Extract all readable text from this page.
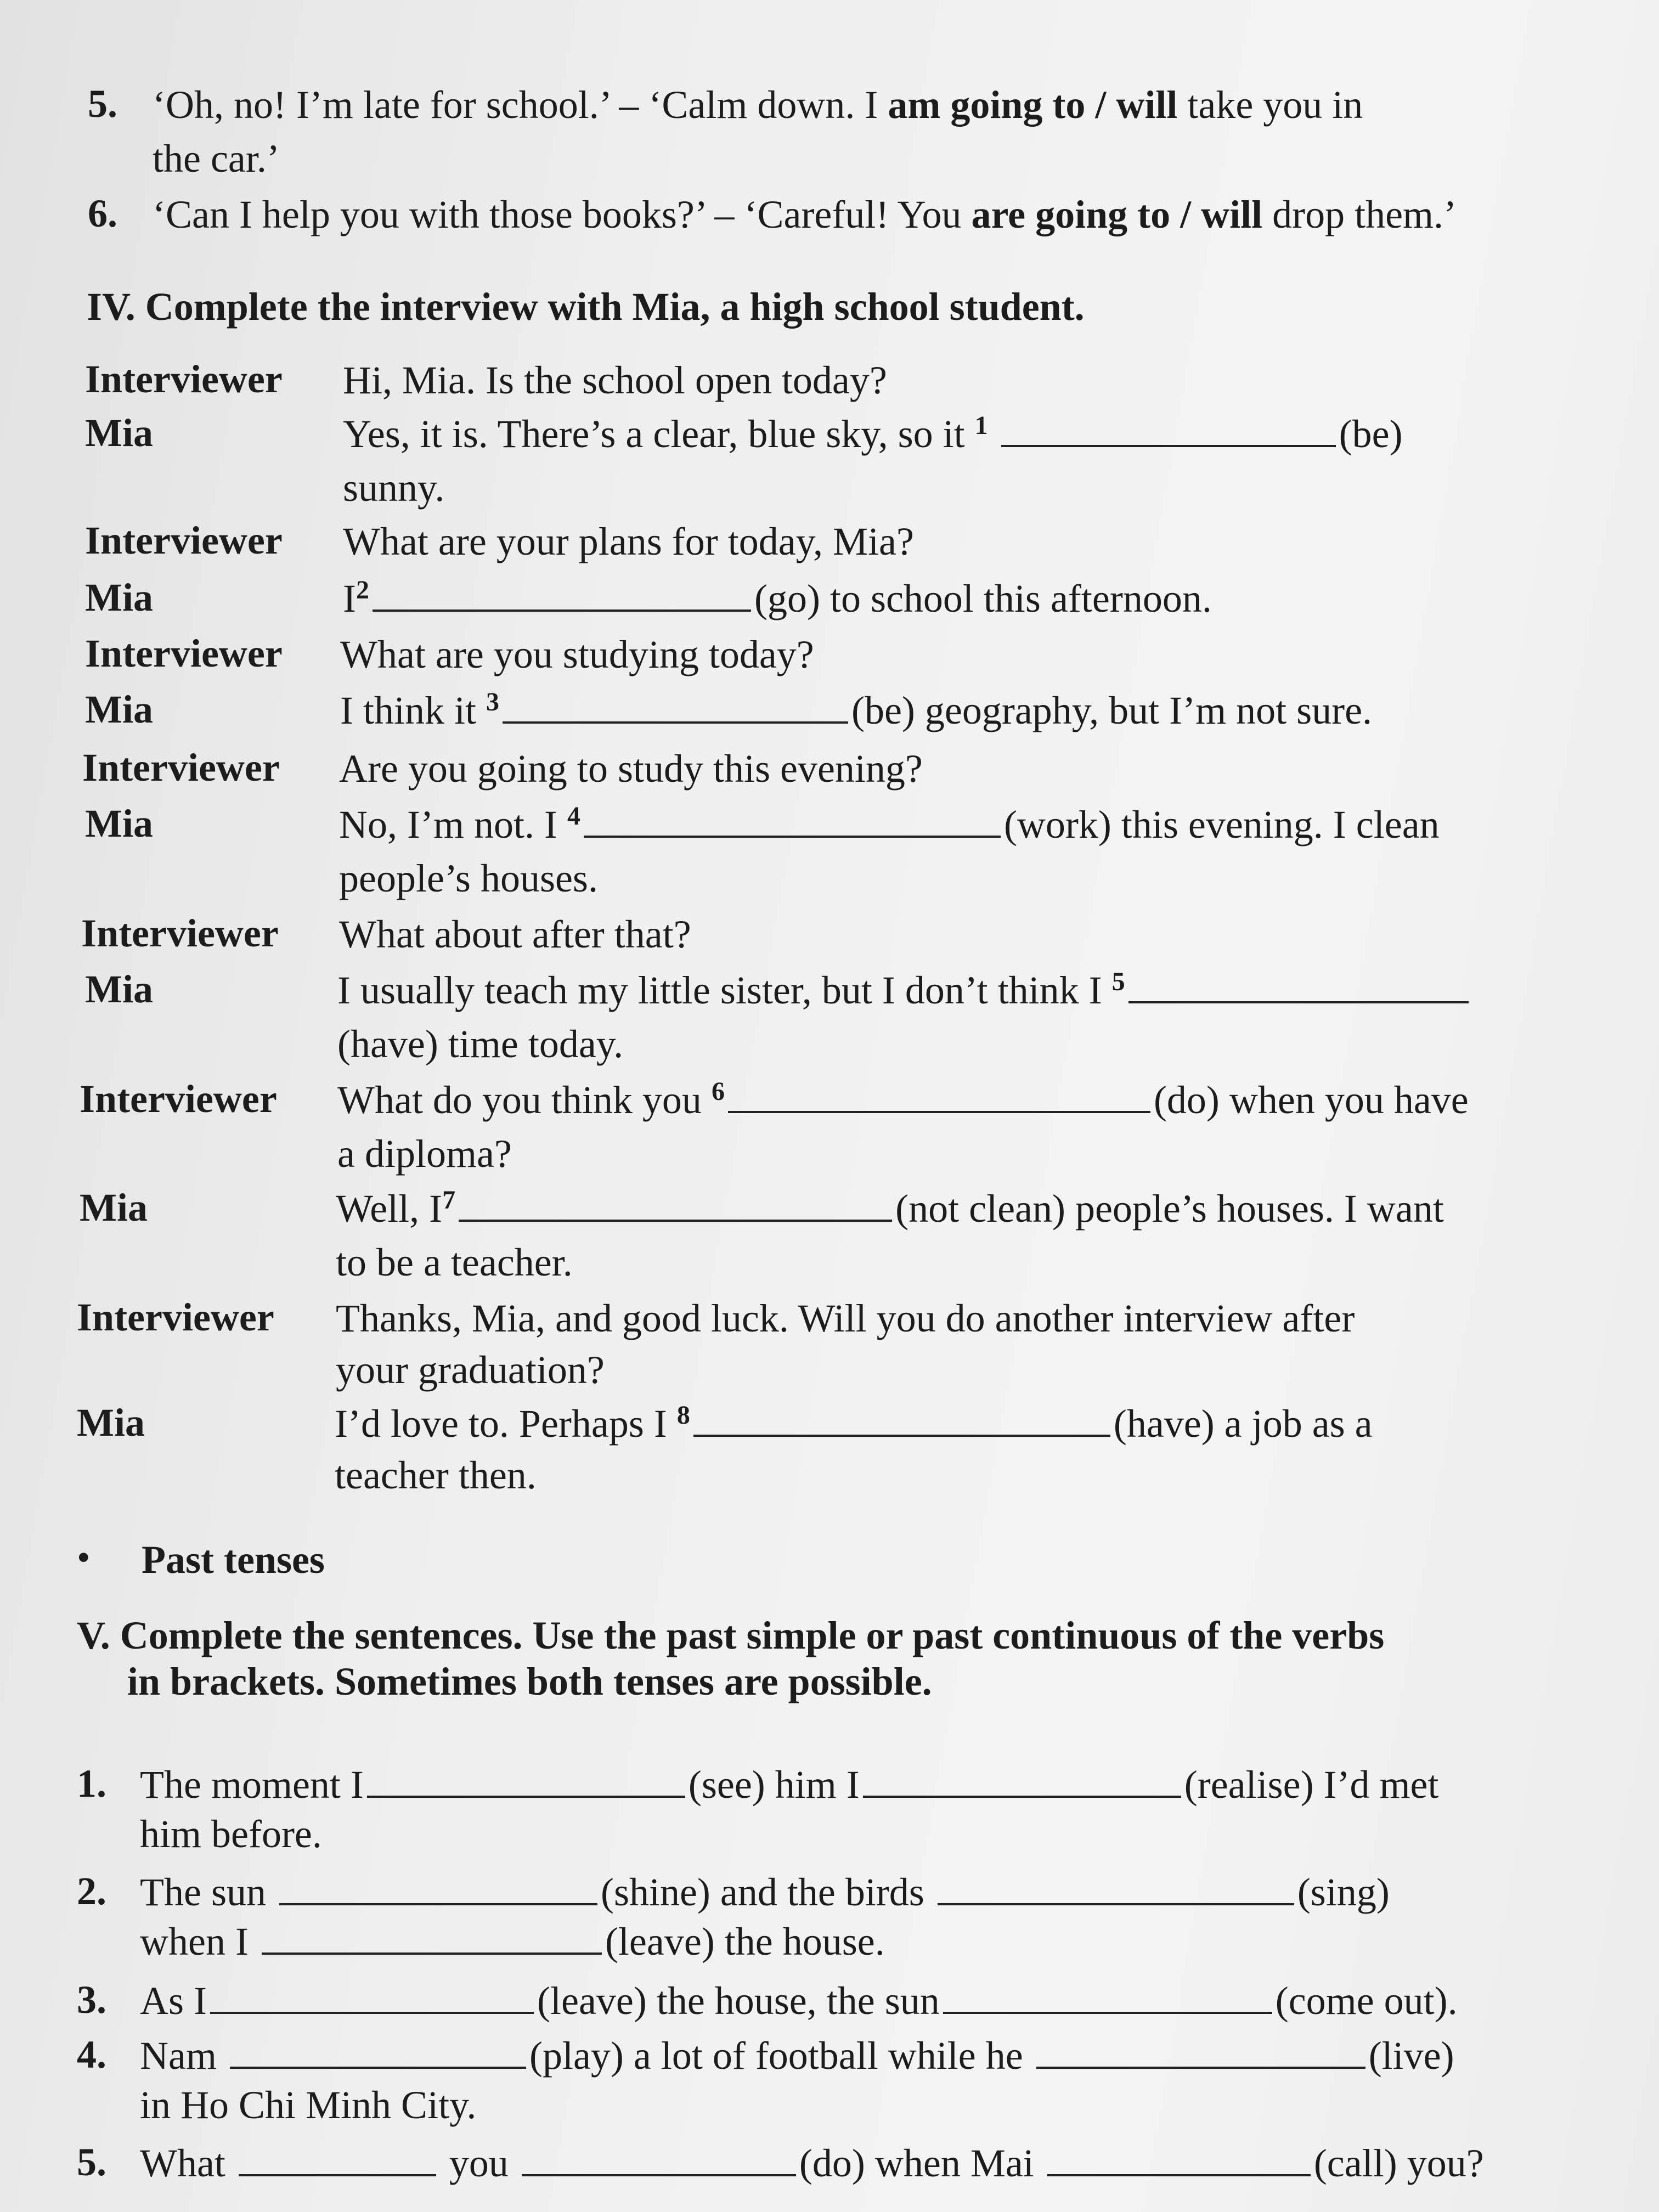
5. ‘Oh, no! I’m late for school.’ – ‘Calm down. I am going to / will take you in
the car.’
6. ‘Can I help you with those books?’ – ‘Careful! You are going to / will drop them.’
IV. Complete the interview with Mia, a high school student.
Interviewer Hi, Mia. Is the school open today?
Mia	Yes, it is. There’s a clear, blue sky, so it $^1$	(be)
sunny.
Interviewer What are your plans for today, Mia?
Mia	$I^2$	(go) to school this afternoon.
Interviewer What are you studying today?
Mia	I think it $^3$	(be) geography, but I’m not sure.
Interviewer Are you going to study this evening?
Mia	No, I’m not. I $^4$	(work) this evening. I clean
people’s houses.
Interviewer What about after that?
Mia	I usually teach my little sister, but I don’t think I $^5$
(have) time today.
Interviewer What do you think you $^6$	(do) when you have
a diploma?
Mia	Well, $I^7$	(not clean) people’s houses. I want
to be a teacher.
Interviewer Thanks, Mia, and good luck. Will you do another interview after
your graduation?
Mia	I’d love to. Perhaps I $^8$	(have) a job as a
teacher then.
• Past tenses
V. Complete the sentences. Use the past simple or past continuous of the verbs
in brackets. Sometimes both tenses are possible.
1. The moment I	(see) him I	(realise) I’d met
him before.
2. The sun	(shine) and the birds	(sing)
when I	(leave) the house.
3. As I	(leave) the house, the sun	(come out).
4. Nam	(play) a lot of football while he	(live)
in Ho Chi Minh City.
5. What	you	(do) when Mai	(call) you?
